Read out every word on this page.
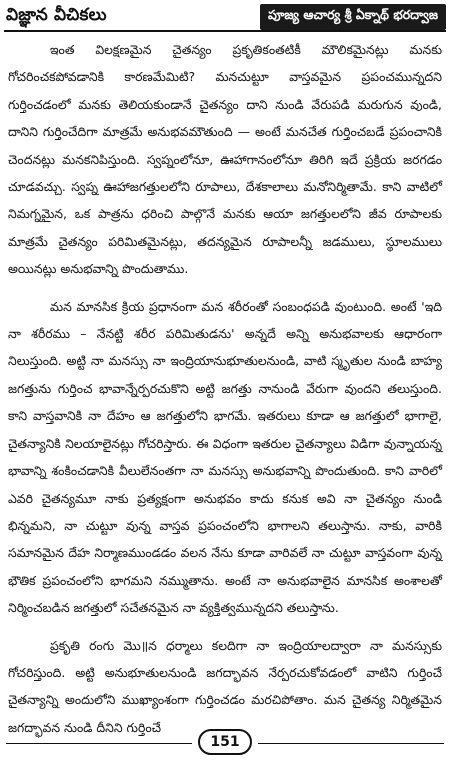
విజ్ఞాన వీచికలు	పూజ్య ఆచార్య శ్రీ ఏక్నాథ్ భరద్వాజ

ఇంత విలక్షణమైన చైతన్యం ప్రకృతికంతటికీ మౌలికమైనట్లు మనకు గోచరించకపోవడానికి కారణమేమిటి? మనచుట్టూ వాస్తవమైన ప్రపంచమున్నదని గుర్తించడంలో మనకు తెలియకుండానే చైతన్యం దాని నుండి వేరుపడి మరుగున వుండి, దానిని గుర్తించేదిగా మాత్రమే అనుభవమౌతుంది — అంటే మనచేత గుర్తించబడే ప్రపంచానికి చెందనట్లు మనకనిపిస్తుంది. స్వప్నంలోనూ, ఊహాగానంలోనూ తిరిగి ఇదే ప్రక్రియ జరగడం చూడవచ్చు. స్వప్న ఊహాజగత్తులలోని రూపాలు, దేశకాలాలు మనోనిర్మితామే. కాని వాటిలో నిమగ్నమైన, ఒక పాత్రను ధరించి పాల్గొనే మనకు ఆయా జగత్తులలోని జీవ రూపాలకు మాత్రమే చైతన్యం పరిమితమైనట్లు, తదన్యమైన రూపాలన్నీ జడములు, స్థూలములు అయినట్లు అనుభవాన్ని పొందుతాము.

మన మానసిక క్రియ ప్రధానంగా మన శరీరంతో సంబంధపడి వుంటుంది. అంటే 'ఇది నా శరీరము – నేనట్టి శరీర పరిమితుడను' అన్నదే అన్ని అనుభవాలకు ఆధారంగా నిలుస్తుంది. అట్టి నా మనస్సు నా ఇంద్రియానుభూతులనుండి, వాటి స్మృతుల నుండి బాహ్య జగత్తును గుర్తించ భావాన్నేర్పరచుకొని అట్టి జగత్తు నానుండి వేరుగా వుందని తలుస్తుంది. కాని వాస్తవానికి నా దేహం ఆ జగత్తులోని భాగమే. ఇతరులు కూడా ఆ జగత్తులో భాగాలై, చైతన్యానికి నిలయాలైనట్లు గోచరిస్తారు. ఈ విధంగా ఇతరుల చైతన్యాలు విడిగా వున్నాయన్న భావాన్ని శంకించడానికి వీలులేనంతగా నా మనస్సు అనుభవాన్ని పొందుతుంది. కాని వారిలో ఎవరి చైతన్యమూ నాకు ప్రత్యక్షంగా అనుభవం కాదు కనుక అవి నా చైతన్యం నుండి భిన్నమని, నా చుట్టూ వున్న వాస్తవ ప్రపంచంలోని భాగాలని తలుస్తాను. నాకు, వారికి సమానమైన దేహ నిర్మాణముండడం వలన నేను కూడా వారివలే నా చుట్టూ వాస్తవంగా వున్న భౌతిక ప్రపంచంలోని భాగమని నమ్ముతాను. అంటే నా అనుభవాలైన మానసిక అంశాలతో నిర్మించబడిన జగత్తులో సచేతనమైన నా వ్యక్తిత్వమున్నదని తలుస్తాను.

ప్రకృతి రంగు మొ॥న ధర్మాలు కలదిగా నా ఇంద్రియాలద్వారా నా మనస్సుకు గోచరిస్తుంది. అట్టి అనుభూతులనుండి జగద్భావన నేర్పరచుకోవడంలో వాటిని గుర్తించే చైతన్యాన్ని అందులోని ముఖ్యాంశంగా గుర్తించడం మరచిపోతాం. మన చైతన్య నిర్మితమైన జగద్భావన నుండి దీనిని గుర్తించే

151
